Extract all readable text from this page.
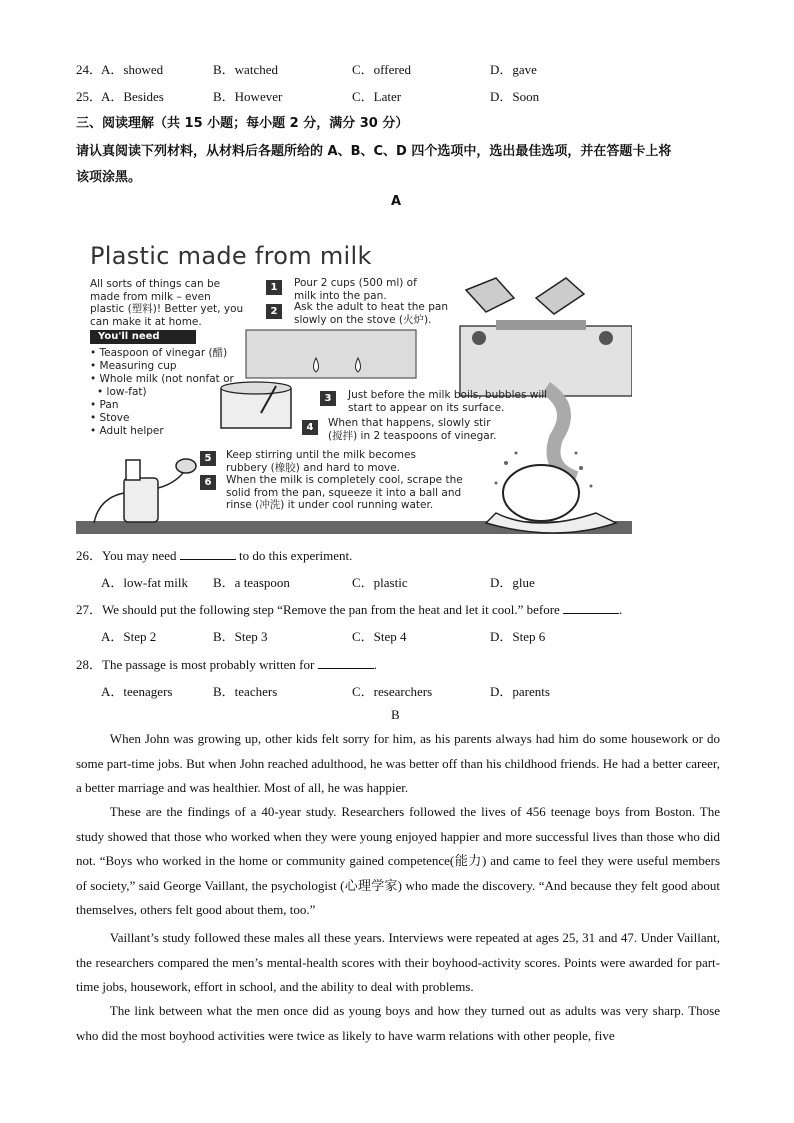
24．
A．showed	B．watched	C．offered	D．gave
25．
A．Besides	B．However	C．Later	D．Soon
三、阅读理解（共 15 小题；每小题 2 分，满分 30 分）
请认真阅读下列材料，从材料后各题所给的 A、B、C、D 四个选项中，选出最佳选项，并在答题卡上将
该项涂黑。
A
Plastic made from milk
All sorts of things can be
made from milk – even
plastic (塑料)! Better yet, you
can make it at home.
You'll need
• Teaspoon of vinegar (醋)
• Measuring cup
• Whole milk (not nonfat or
• low-fat)
• Pan
• Stove
• Adult helper
1	Pour 2 cups (500 ml) of
milk into the pan.
2	Ask the adult to heat the pan
slowly on the stove (火炉).
3	Just before the milk boils, bubbles will
start to appear on its surface.
4	When that happens, slowly stir
(搅拌) in 2 teaspoons of vinegar.
5	Keep stirring until the milk becomes
rubbery (橡胶) and hard to move.
6	When the milk is completely cool, scrape the
solid from the pan, squeeze it into a ball and
rinse (冲洗) it under cool running water.
26．You may need	to do this experiment.
A．low-fat milk B．a teaspoon	C．plastic	D．glue
27．We should put the following step “Remove the pan from the heat and let it cool.” before	.
A．Step 2	B．Step 3	C．Step 4	D．Step 6
28．The passage is most probably written for	.
A．teenagers	B．teachers	C．researchers	D．parents
B

When John was growing up, other kids felt sorry for him, as his parents always had him do some housework or do some part-time jobs. But when John reached adulthood, he was better off than his childhood friends. He had a better career, a better marriage and was healthier. Most of all, he was happier.

These are the findings of a 40-year study. Researchers followed the lives of 456 teenage boys from Boston. The study showed that those who worked when they were young enjoyed happier and more successful lives than those who did not. “Boys who worked in the home or community gained competence(能力) and came to feel they were useful members of society,” said George Vaillant, the psychologist (心理学家) who made the discovery. “And because they felt good about themselves, others felt good about them, too.”

Vaillant’s study followed these males all these years. Interviews were repeated at ages 25, 31 and 47. Under Vaillant, the researchers compared the men’s mental-health scores with their boyhood-activity scores. Points were awarded for part-time jobs, housework, effort in school, and the ability to deal with problems.

The link between what the men once did as young boys and how they turned out as adults was very sharp. Those who did the most boyhood activities were twice as likely to have warm relations with other people, five
